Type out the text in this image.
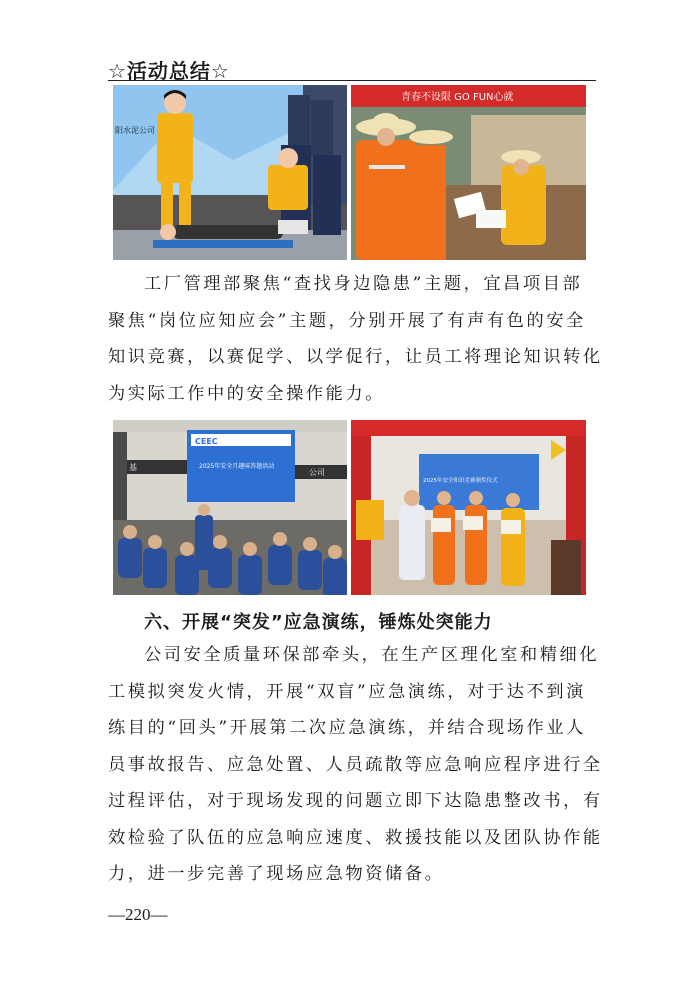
☆活动总结☆
阳水泥公司
青春不设限 GO FUN心就
工厂管理部聚焦“查找身边隐患”主题，宜昌项目部
聚焦“岗位应知应会”主题，分别开展了有声有色的安全
知识竞赛，以赛促学、以学促行，让员工将理论知识转化
为实际工作中的安全操作能力。
基
公司
CEEC
2025年安全月趣味答题活动
2025年安全知识竞赛颁奖仪式
六、开展“突发”应急演练，锤炼处突能力
公司安全质量环保部牵头，在生产区理化室和精细化
工模拟突发火情，开展“双盲”应急演练，对于达不到演
练目的“回头”开展第二次应急演练，并结合现场作业人
员事故报告、应急处置、人员疏散等应急响应程序进行全
过程评估，对于现场发现的问题立即下达隐患整改书，有
效检验了队伍的应急响应速度、救援技能以及团队协作能
力，进一步完善了现场应急物资储备。
—220—
